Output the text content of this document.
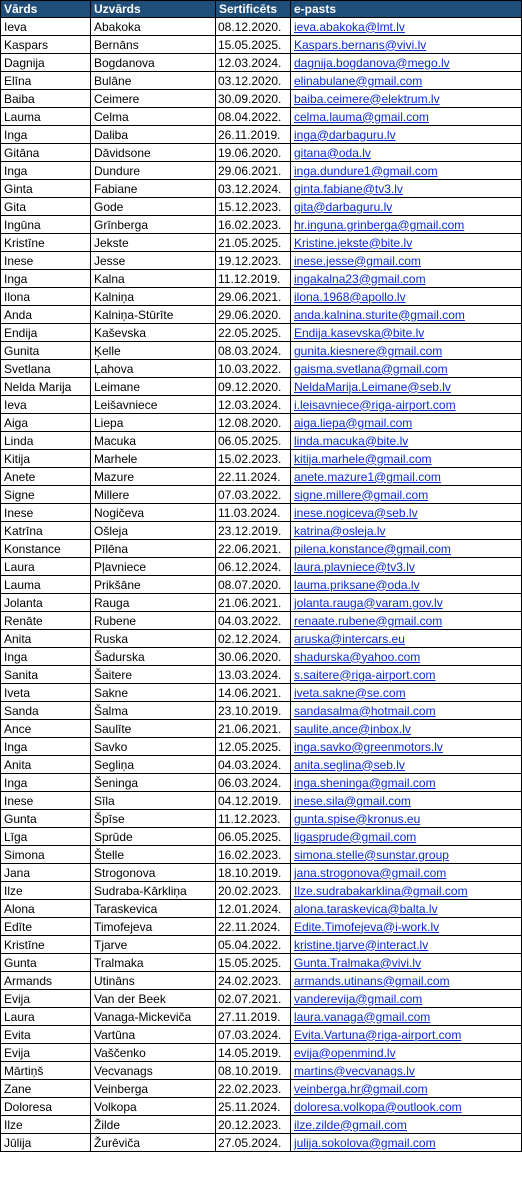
Vārds	Uzvārds	Sertificēts	e-pasts
Ieva	Abakoka	08.12.2020.	ieva.abakoka@lmt.lv
Kaspars	Bernāns	15.05.2025.	Kaspars.bernans@vivi.lv
Dagnija	Bogdanova	12.03.2024.	dagnija.bogdanova@mego.lv
Elīna	Bulāne	03.12.2020.	elinabulane@gmail.com
Baiba	Ceimere	30.09.2020.	baiba.ceimere@elektrum.lv
Lauma	Celma	08.04.2022.	celma.lauma@gmail.com
Inga	Daliba	26.11.2019.	inga@darbaguru.lv
Gitāna	Dāvidsone	19.06.2020.	gitana@oda.lv
Inga	Dundure	29.06.2021.	inga.dundure1@gmail.com
Ginta	Fabiane	03.12.2024.	ginta.fabiane@tv3.lv
Gita	Gode	15.12.2023.	gita@darbaguru.lv
Ingūna	Grīnberga	16.02.2023.	hr.inguna.grinberga@gmail.com
Kristīne	Jekste	21.05.2025.	Kristine.jekste@bite.lv
Inese	Jesse	19.12.2023.	inese.jesse@gmail.com
Inga	Kalna	11.12.2019.	ingakalna23@gmail.com
Ilona	Kalniņa	29.06.2021.	ilona.1968@apollo.lv
Anda	Kalniņa-Stūrīte	29.06.2020.	anda.kalnina.sturite@gmail.com
Endija	Kaševska	22.05.2025.	Endija.kasevska@bite.lv
Gunita	Ķelle	08.03.2024.	gunita.kiesnere@gmail.com
Svetlana	Ļahova	10.03.2022.	gaisma.svetlana@gmail.com
Nelda Marija	Leimane	09.12.2020.	NeldaMarija.Leimane@seb.lv
Ieva	Leišavniece	12.03.2024.	i.leisavniece@riga-airport.com
Aiga	Liepa	12.08.2020.	aiga.liepa@gmail.com
Linda	Macuka	06.05.2025.	linda.macuka@bite.lv
Kitija	Marhele	15.02.2023.	kitija.marhele@gmail.com
Anete	Mazure	22.11.2024.	anete.mazure1@gmail.com
Signe	Millere	07.03.2022.	signe.millere@gmail.com
Inese	Nogičeva	11.03.2024.	inese.nogiceva@seb.lv
Katrīna	Ošleja	23.12.2019.	katrina@osleja.lv
Konstance	Pīlēna	22.06.2021.	pilena.konstance@gmail.com
Laura	Pļavniece	06.12.2024.	laura.plavniece@tv3.lv
Lauma	Prikšāne	08.07.2020.	lauma.priksane@oda.lv
Jolanta	Rauga	21.06.2021.	jolanta.rauga@varam.gov.lv
Renāte	Rubene	04.03.2022.	renaate.rubene@gmail.com
Anita	Ruska	02.12.2024.	aruska@intercars.eu
Inga	Šadurska	30.06.2020.	shadurska@yahoo.com
Sanita	Šaitere	13.03.2024.	s.saitere@riga-airport.com
Iveta	Sakne	14.06.2021.	iveta.sakne@se.com
Sanda	Šalma	23.10.2019.	sandasalma@hotmail.com
Ance	Saulīte	21.06.2021.	saulite.ance@inbox.lv
Inga	Savko	12.05.2025.	inga.savko@greenmotors.lv
Anita	Segliņa	04.03.2024.	anita.seglina@seb.lv
Inga	Šeninga	06.03.2024.	inga.sheninga@gmail.com
Inese	Sīla	04.12.2019.	inese.sila@gmail.com
Gunta	Špīse	11.12.2023.	gunta.spise@kronus.eu
Līga	Sprūde	06.05.2025.	ligasprude@gmail.com
Simona	Štelle	16.02.2023.	simona.stelle@sunstar.group
Jana	Strogonova	18.10.2019.	jana.strogonova@gmail.com
Ilze	Sudraba-Kārkliņa	20.02.2023.	Ilze.sudrabakarklina@gmail.com
Alona	Taraskevica	12.01.2024.	alona.taraskevica@balta.lv
Edīte	Timofejeva	22.11.2024.	Edite.Timofejeva@i-work.lv
Kristīne	Tjarve	05.04.2022.	kristine.tjarve@interact.lv
Gunta	Tralmaka	15.05.2025.	Gunta.Tralmaka@vivi.lv
Armands	Utināns	24.02.2023.	armands.utinans@gmail.com
Evija	Van der Beek	02.07.2021.	vanderevija@gmail.com
Laura	Vanaga-Mickeviča	27.11.2019.	laura.vanaga@gmail.com
Evita	Vartūna	07.03.2024.	Evita.Vartuna@riga-airport.com
Evija	Vaščenko	14.05.2019.	evija@openmind.lv
Mārtiņš	Vecvanags	08.10.2019.	martins@vecvanags.lv
Zane	Veinberga	22.02.2023.	veinberga.hr@gmail.com
Doloresa	Volkopa	25.11.2024.	doloresa.volkopa@outlook.com
Ilze	Žilde	20.12.2023.	ilze.zilde@gmail.com
Jūlija	Žurēviča	27.05.2024.	julija.sokolova@gmail.com
